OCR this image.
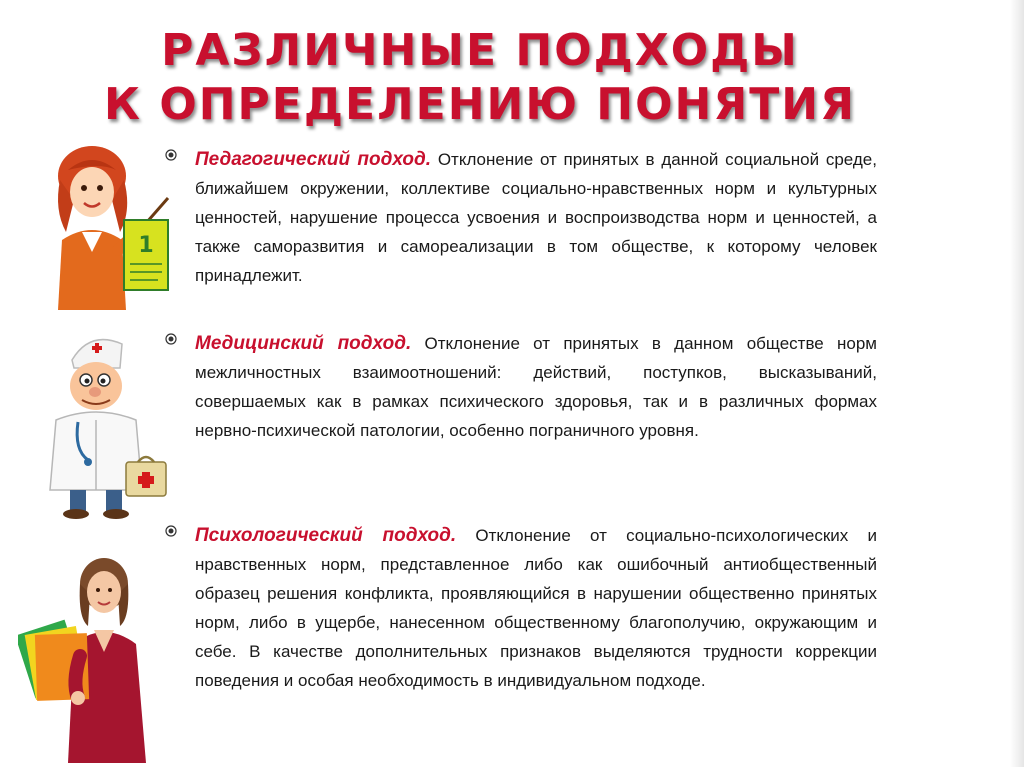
РАЗЛИЧНЫЕ ПОДХОДЫ
К ОПРЕДЕЛЕНИЮ ПОНЯТИЯ
1

Педагогический подход. Отклонение от принятых в данной социальной среде, ближайшем окружении, коллективе социально-нравственных норм и культурных ценностей, нарушение процесса усвоения и воспроизводства норм и ценностей, а также саморазвития и самореализации в том обществе, к которому человек принадлежит.

Медицинский подход. Отклонение от принятых в данном обществе норм межличностных взаимоотношений: действий, поступков, высказываний, совершаемых как в рамках психического здоровья, так и в различных формах нервно-психической патологии, особенно пограничного уровня.

Психологический подход. Отклонение от социально-психологических и нравственных норм, представленное либо как ошибочный антиобщественный образец решения конфликта, проявляющийся в нарушении общественно принятых норм, либо в ущербе, нанесенном общественному благополучию, окружающим и себе. В качестве дополнительных признаков выделяются трудности коррекции поведения и особая необходимость в индивидуальном подходе.
